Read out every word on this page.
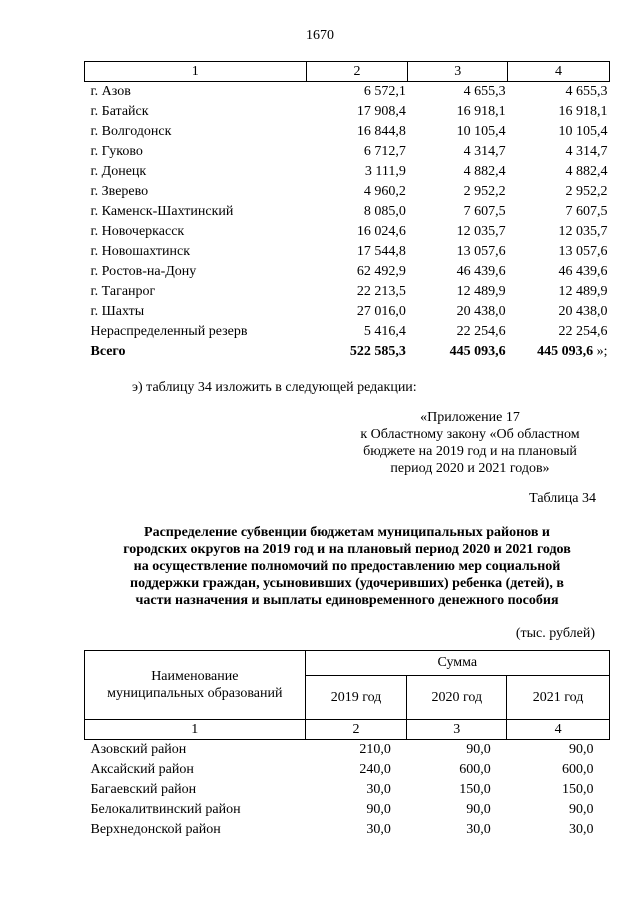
1670
1	2	3	4
г. Азов	6 572,1	4 655,3	4 655,3
г. Батайск	17 908,4	16 918,1	16 918,1
г. Волгодонск	16 844,8	10 105,4	10 105,4
г. Гуково	6 712,7	4 314,7	4 314,7
г. Донецк	3 111,9	4 882,4	4 882,4
г. Зверево	4 960,2	2 952,2	2 952,2
г. Каменск-Шахтинский	8 085,0	7 607,5	7 607,5
г. Новочеркасск	16 024,6	12 035,7	12 035,7
г. Новошахтинск	17 544,8	13 057,6	13 057,6
г. Ростов-на-Дону	62 492,9	46 439,6	46 439,6
г. Таганрог	22 213,5	12 489,9	12 489,9
г. Шахты	27 016,0	20 438,0	20 438,0
Нераспределенный резерв	5 416,4	22 254,6	22 254,6
Всего	522 585,3	445 093,6	445 093,6 »;
э) таблицу 34 изложить в следующей редакции:
«Приложение 17
к Областному закону «Об областном
бюджете на 2019 год и на плановый
период 2020 и 2021 годов»
Таблица 34
Распределение субвенции бюджетам муниципальных районов и
городских округов на 2019 год и на плановый период 2020 и 2021 годов
на осуществление полномочий по предоставлению мер социальной
поддержки граждан, усыновивших (удочеривших) ребенка (детей), в
части назначения и выплаты единовременного денежного пособия
(тыс. рублей)
Наименование
муниципальных образований	Сумма		
	2019 год	2020 год	2021 год
1	2	3	4
Азовский район	210,0	90,0	90,0
Аксайский район	240,0	600,0	600,0
Багаевский район	30,0	150,0	150,0
Белокалитвинский район	90,0	90,0	90,0
Верхнедонской район	30,0	30,0	30,0
